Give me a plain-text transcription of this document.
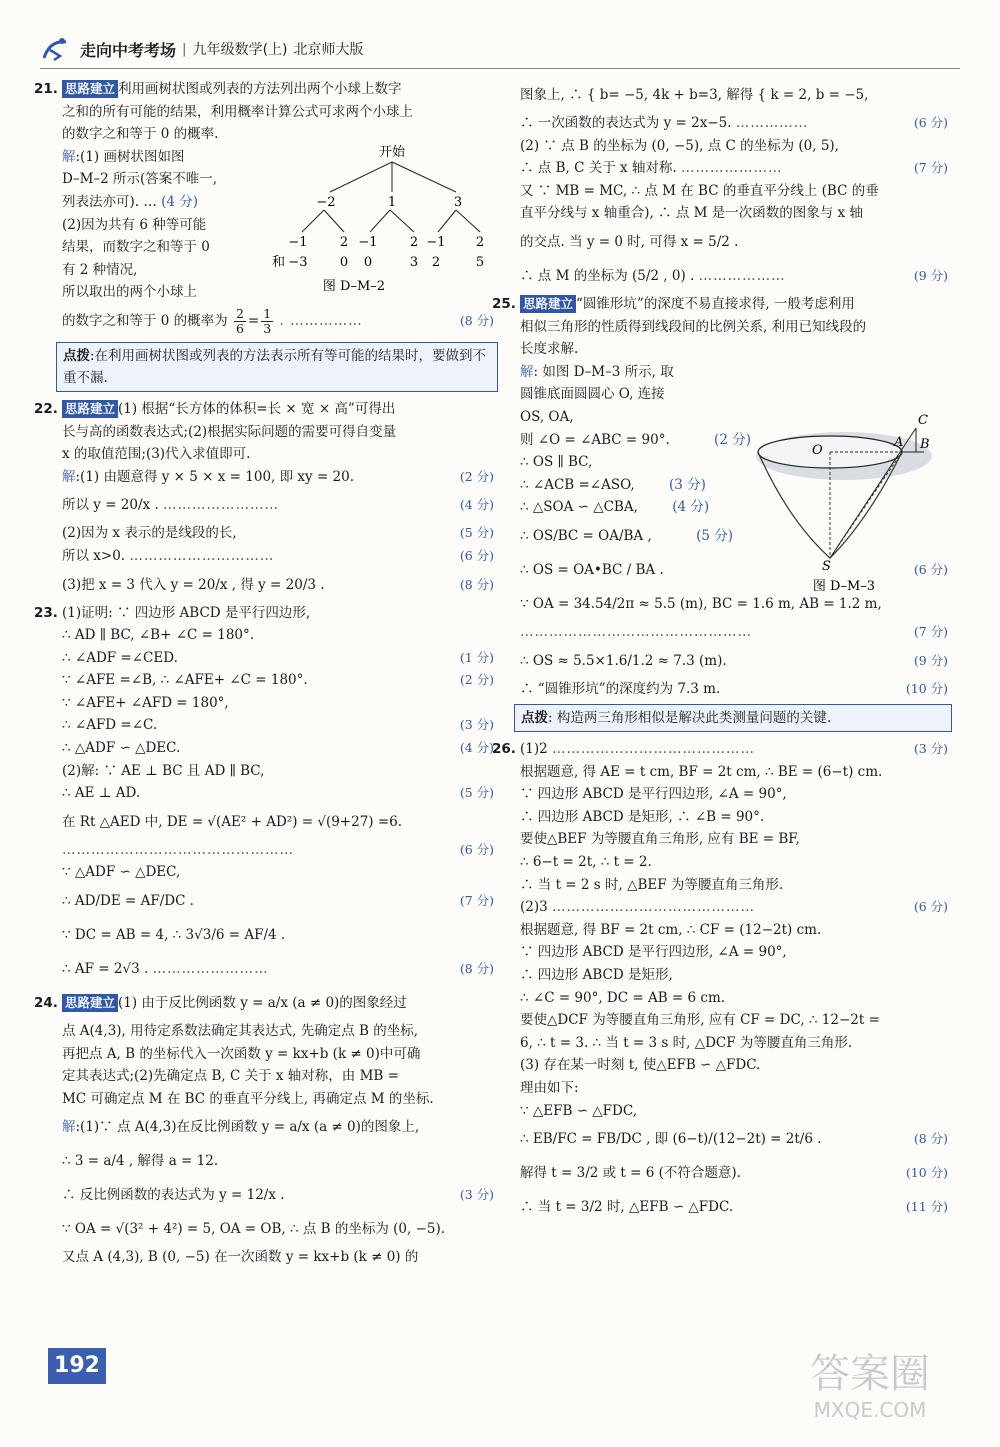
走向中考考场 | 九年级数学(上) 北京师大版
21. 思路建立 利用画树状图或列表的方法列出两个小球上数字
之和的所有可能的结果，利用概率计算公式可求两个小球上
的数字之和等于 0 的概率.
解:(1) 画树状图如图
D–M–2 所示(答案不唯一,
列表法亦可). … (4 分)
(2)因为共有 6 种等可能
结果，而数字之和等于 0
有 2 种情况,
所以取出的两个小球上
的数字之和等于 0 的概率为 $\frac{2}{6} = \frac{1}{3}$ . ……………	(8 分)
点拨:在利用画树状图或列表的方法表示所有等可能的结果时，要做到不重不漏.
22. 思路建立 (1) 根据“长方体的体积=长 × 宽 × 高”可得出
长与高的函数表达式;(2)根据实际问题的需要可得自变量
x 的取值范围;(3)代入求值即可.
解:(1) 由题意得 y × 5 × x = 100, 即 xy = 20.	(2 分)
所以 y = 20/x . ……………………	(4 分)
(2)因为 x 表示的是线段的长,	(5 分)
所以 x>0. …………………………	(6 分)
(3)把 x = 3 代入 y = 20/x , 得 y = 20/3 .	(8 分)
23. (1)证明: ∵ 四边形 ABCD 是平行四边形,
∴ AD ∥ BC, ∠B+ ∠C = 180°.
∴ ∠ADF =∠CED.	(1 分)
∵ ∠AFE =∠B, ∴ ∠AFE+ ∠C = 180°.	(2 分)
∵ ∠AFE+ ∠AFD = 180°,
∴ ∠AFD =∠C.	(3 分)
∴ △ADF ∽ △DEC.	(4 分)
(2)解: ∵ AE ⊥ BC 且 AD ∥ BC,
∴ AE ⊥ AD.	(5 分)
在 Rt △AED 中, DE = √(AE² + AD²) = √(9+27) =6.
…………………………………………	(6 分)
∵ △ADF ∽ △DEC,
∴ AD/DE = AF/DC .	(7 分)
∵ DC = AB = 4, ∴ 3√3/6 = AF/4 .
∴ AF = 2√3 . ……………………	(8 分)
24. 思路建立 (1) 由于反比例函数 y = a/x (a ≠ 0)的图象经过
点 A(4,3), 用待定系数法确定其表达式, 先确定点 B 的坐标,
再把点 A, B 的坐标代入一次函数 y = kx+b (k ≠ 0)中可确
定其表达式;(2)先确定点 B, C 关于 x 轴对称，由 MB =
MC 可确定点 M 在 BC 的垂直平分线上, 再确定点 M 的坐标.
解:(1)∵ 点 A(4,3)在反比例函数 y = a/x (a ≠ 0)的图象上,
∴ 3 = a/4 , 解得 a = 12.
∴ 反比例函数的表达式为 y = 12/x .	(3 分)
∵ OA = √(3² + 4²) = 5, OA = OB, ∴ 点 B 的坐标为 (0, −5).
又点 A (4,3), B (0, −5) 在一次函数 y = kx+b (k ≠ 0) 的
开始
−2	1	3
−1 2 −1 2 −1 2
和 −3 0 0	3 2	5
图 D–M–2
图象上, ∴ { b= −5, 4k + b=3, 解得 { k = 2, b = −5,
∴ 一次函数的表达式为 y = 2x−5. ……………	(6 分)
(2) ∵ 点 B 的坐标为 (0, −5), 点 C 的坐标为 (0, 5),
∴ 点 B, C 关于 x 轴对称. …………………	(7 分)
又 ∵ MB = MC, ∴ 点 M 在 BC 的垂直平分线上 (BC 的垂
直平分线与 x 轴重合), ∴ 点 M 是一次函数的图象与 x 轴
的交点. 当 y = 0 时, 可得 x = 5/2 .
∴ 点 M 的坐标为 (5/2 , 0) . ………………	(9 分)
25. 思路建立 “圆锥形坑”的深度不易直接求得, 一般考虑利用
相似三角形的性质得到线段间的比例关系, 利用已知线段的
长度求解.
解: 如图 D–M–3 所示, 取
圆锥底面圆圆心 O, 连接
OS, OA,
则 ∠O = ∠ABC = 90°.	(2 分)
∴ OS ∥ BC,
∴ ∠ACB =∠ASO,	(3 分)
∴ △SOA ∽ △CBA,	(4 分)
∴ OS/BC = OA/BA ,	(5 分)
∴ OS = OA•BC / BA .	(6 分)
∵ OA = 34.54/2π ≈ 5.5 (m), BC = 1.6 m, AB = 1.2 m,
…………………………………………	(7 分)
∴ OS ≈ 5.5×1.6/1.2 ≈ 7.3 (m).	(9 分)
∴ “圆锥形坑”的深度约为 7.3 m.	(10 分)
点拨: 构造两三角形相似是解决此类测量问题的关键.
26. (1)2 ……………………………………	(3 分)
根据题意, 得 AE = t cm, BF = 2t cm, ∴ BE = (6−t) cm.
∵ 四边形 ABCD 是平行四边形, ∠A = 90°,
∴ 四边形 ABCD 是矩形, ∴ ∠B = 90°.
要使△BEF 为等腰直角三角形, 应有 BE = BF,
∴ 6−t = 2t, ∴ t = 2.
∴ 当 t = 2 s 时, △BEF 为等腰直角三角形.
(2)3 ……………………………………	(6 分)
根据题意, 得 BF = 2t cm, ∴ CF = (12−2t) cm.
∵ 四边形 ABCD 是平行四边形, ∠A = 90°,
∴ 四边形 ABCD 是矩形,
∴ ∠C = 90°, DC = AB = 6 cm.
要使△DCF 为等腰直角三角形, 应有 CF = DC, ∴ 12−2t =
6, ∴ t = 3. ∴ 当 t = 3 s 时, △DCF 为等腰直角三角形.
(3) 存在某一时刻 t, 使△EFB ∽ △FDC.
理由如下:
∵ △EFB ∽ △FDC,
∴ EB/FC = FB/DC , 即 (6−t)/(12−2t) = 2t/6 .	(8 分)
解得 t = 3/2 或 t = 6 (不符合题意).	(10 分)
∴ 当 t = 3/2 时, △EFB ∽ △FDC.	(11 分)
C
A B
O
S
图 D–M–3
192	答案圈
MXQE.COM
